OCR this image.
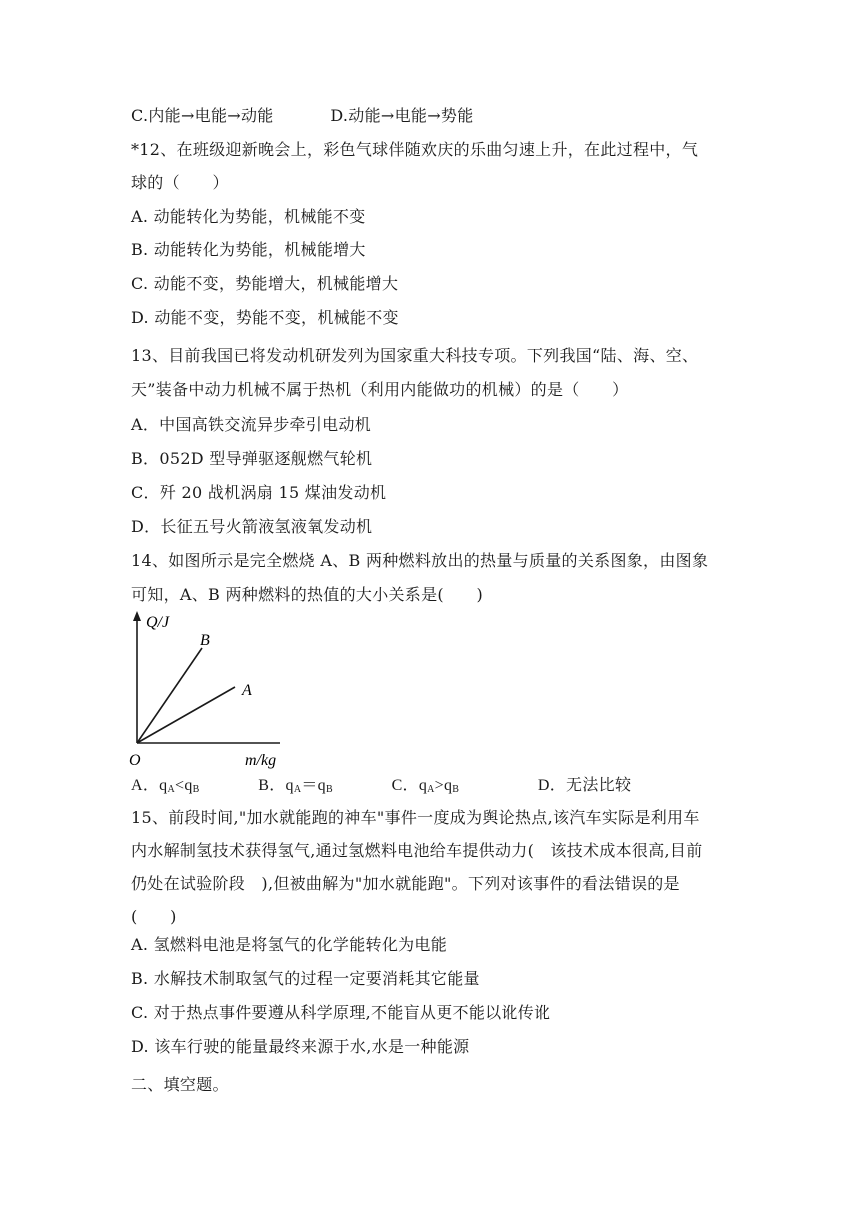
C.内能→电能→动能	D.动能→电能→势能
*12、在班级迎新晚会上，彩色气球伴随欢庆的乐曲匀速上升，在此过程中，气
球的（　　）
A. 动能转化为势能，机械能不变
B. 动能转化为势能，机械能增大
C. 动能不变，势能增大，机械能增大
D. 动能不变，势能不变，机械能不变
13、目前我国已将发动机研发列为国家重大科技专项。下列我国“陆、海、空、
天”装备中动力机械不属于热机（利用内能做功的机械）的是（　　）
A．中国高铁交流异步牵引电动机
B．052D 型导弹驱逐舰燃气轮机
C．歼 20 战机涡扇 15 煤油发动机
D．长征五号火箭液氢液氧发动机
14、如图所示是完全燃烧 A、B 两种燃料放出的热量与质量的关系图象，由图象
可知，A、B 两种燃料的热值的大小关系是(　　)
Q/J
B
A
O	m/kg
A．$q_A<q_B$	B．$q_A=q_B$	C．$q_A>q_B$	D．无法比较
15、前段时间,"加水就能跑的神车"事件一度成为舆论热点,该汽车实际是利用车
内水解制氢技术获得氢气,通过氢燃料电池给车提供动力(　该技术成本很高,目前
仍处在试验阶段　),但被曲解为"加水就能跑"。下列对该事件的看法错误的是
(　　)
A. 氢燃料电池是将氢气的化学能转化为电能
B. 水解技术制取氢气的过程一定要消耗其它能量
C. 对于热点事件要遵从科学原理,不能盲从更不能以讹传讹
D. 该车行驶的能量最终来源于水,水是一种能源
二、填空题。
